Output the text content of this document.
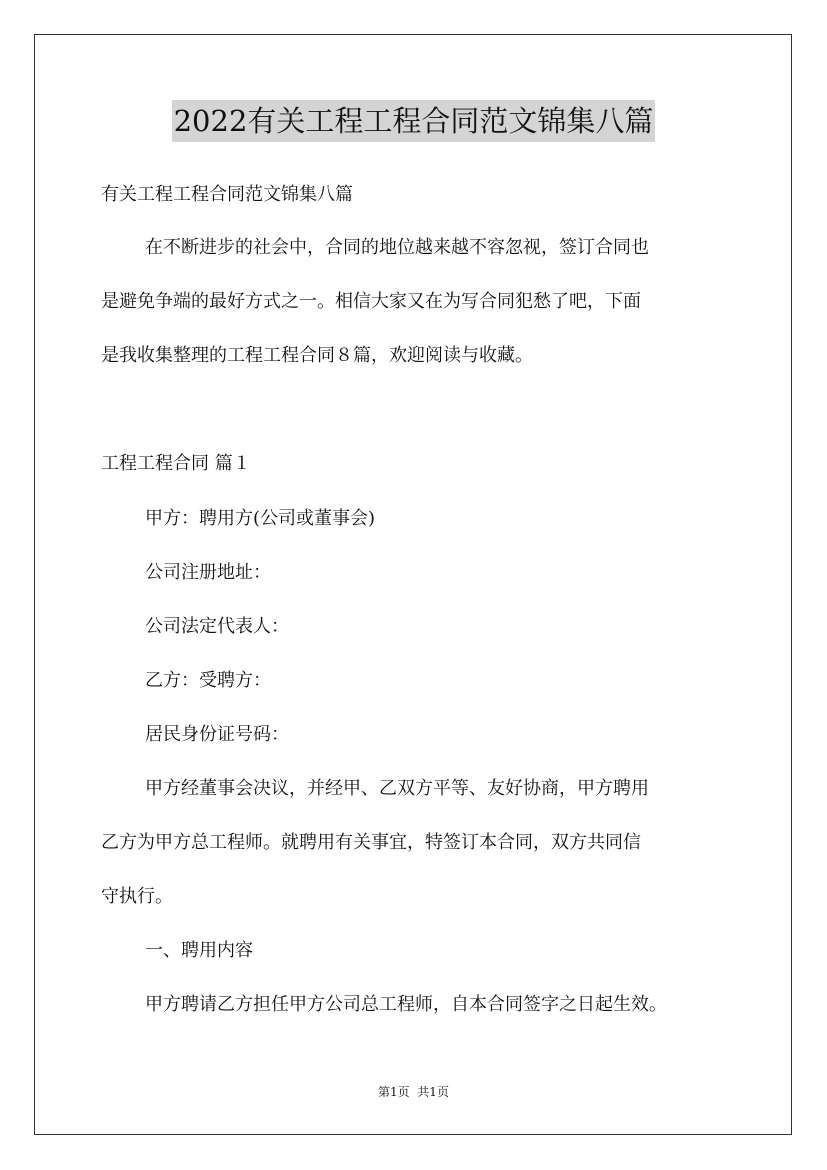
2022有关工程工程合同范文锦集八篇
有关工程工程合同范文锦集八篇
在不断进步的社会中，合同的地位越来越不容忽视，签订合同也
是避免争端的最好方式之一。相信大家又在为写合同犯愁了吧，下面
是我收集整理的工程工程合同８篇，欢迎阅读与收藏。
工程工程合同 篇１
甲方：聘用方(公司或董事会)
公司注册地址：
公司法定代表人：
乙方：受聘方：
居民身份证号码：
甲方经董事会决议，并经甲、乙双方平等、友好协商，甲方聘用
乙方为甲方总工程师。就聘用有关事宜，特签订本合同，双方共同信
守执行。
一、聘用内容
甲方聘请乙方担任甲方公司总工程师，自本合同签字之日起生效。
第1页  共1页
